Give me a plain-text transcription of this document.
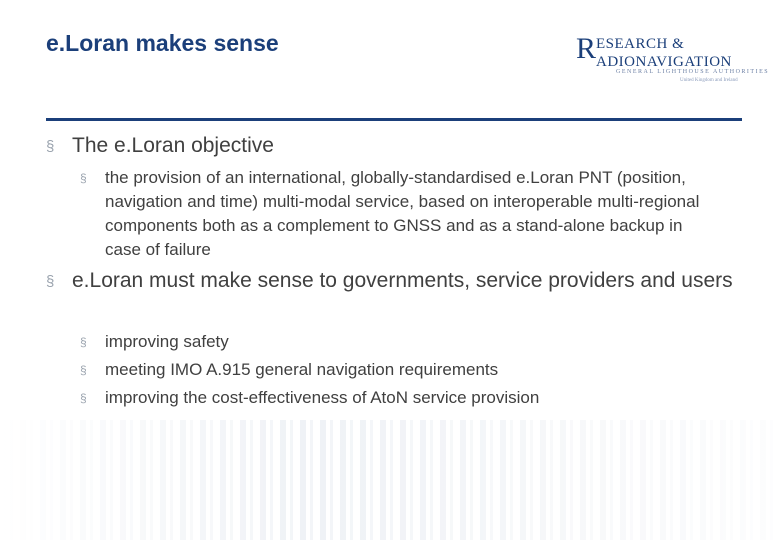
e.Loran makes sense	R ESEARCH &
ADIONAVIGATION
GENERAL LIGHTHOUSE AUTHORITIES
United Kingdom and Ireland
§ The e.Loran objective
§ the provision of an international, globally-standardised e.Loran PNT (position, navigation and time) multi-modal service, based on interoperable multi-regional components both as a complement to GNSS and as a stand-alone backup in case of failure
§ e.Loran must make sense to governments, service providers and users
§ improving safety
§ meeting IMO A.915 general navigation requirements
§ improving the cost-effectiveness of AtoN service provision
